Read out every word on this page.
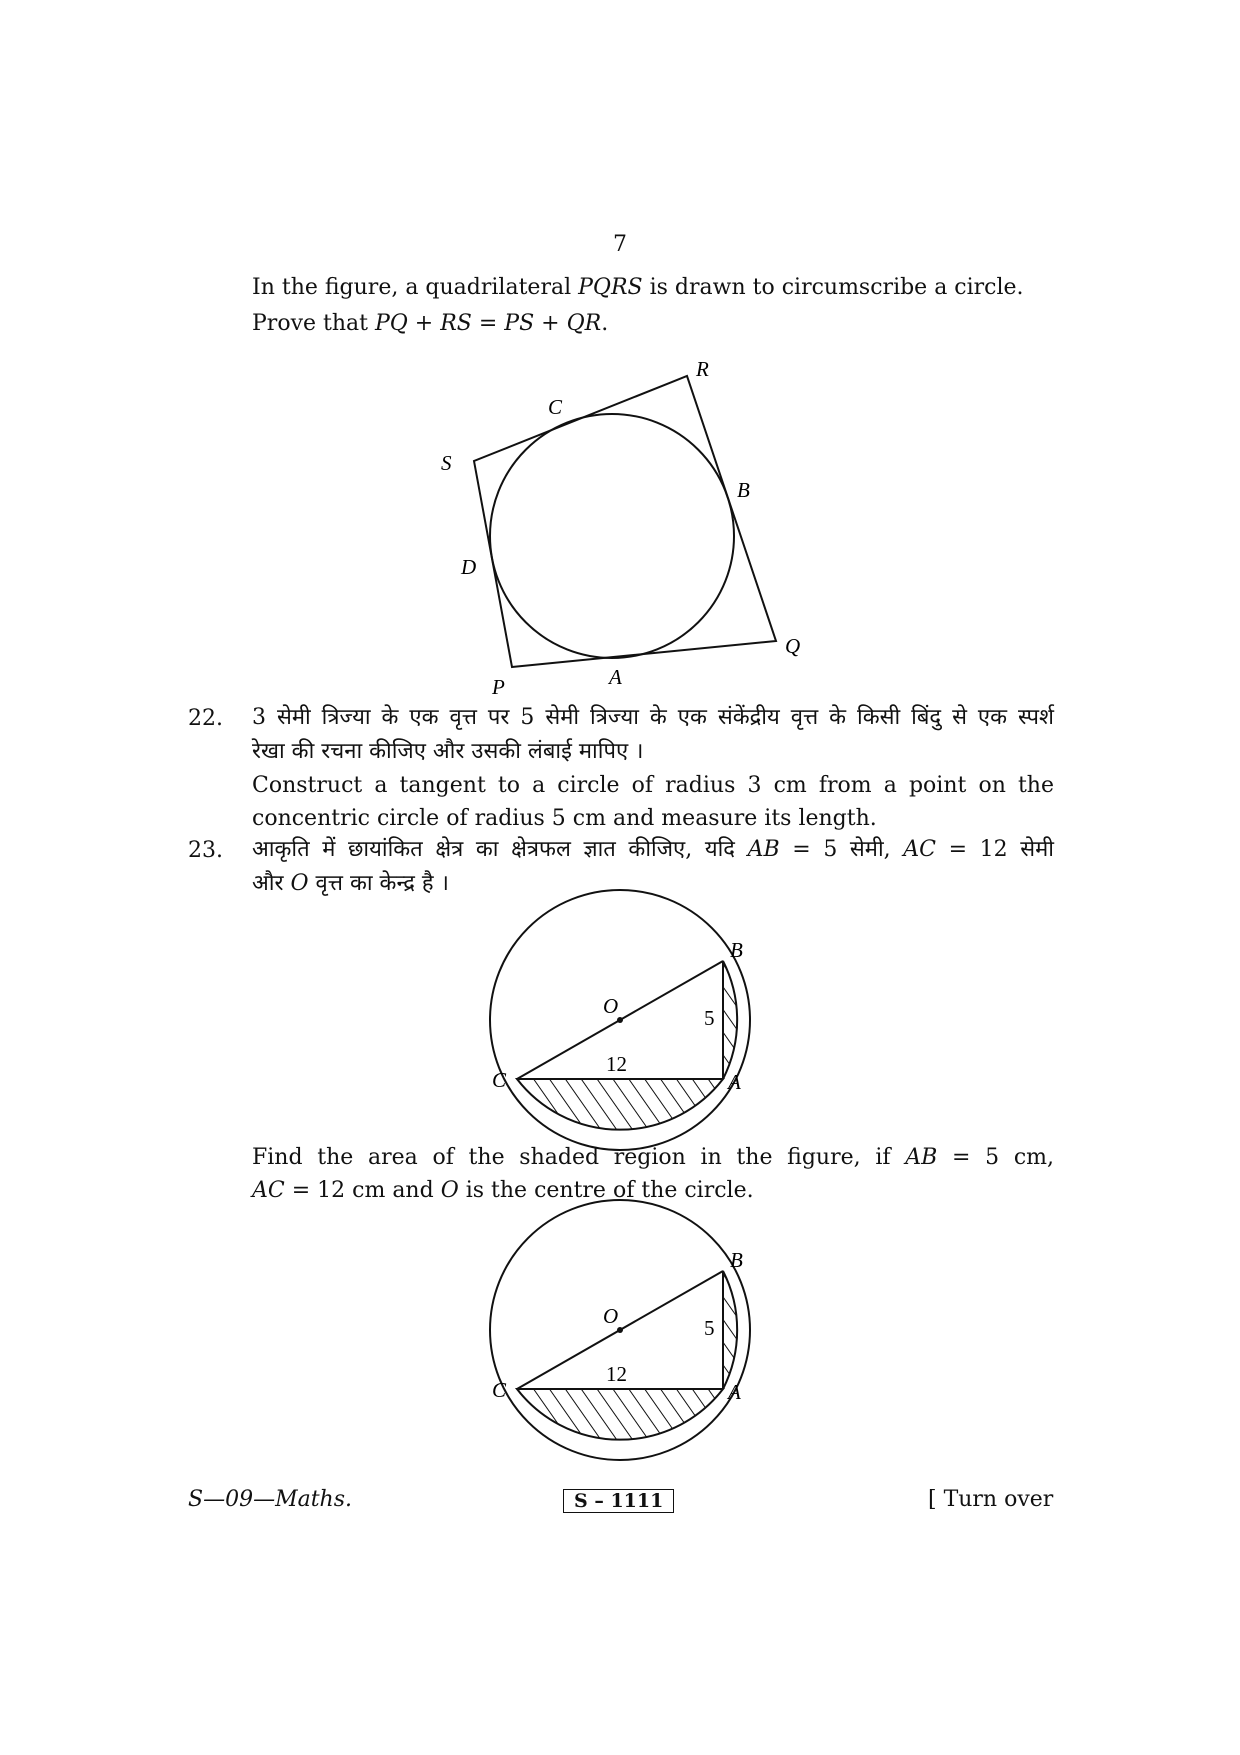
7
In the figure, a quadrilateral PQRS is drawn to circumscribe a circle.
Prove that PQ + RS = PS + QR.
P
Q
R
S
A
B
C
D
22. 3 सेमी त्रिज्या के एक वृत्त पर 5 सेमी त्रिज्या के एक संकेंद्रीय वृत्त के किसी बिंदु से एक स्पर्श
रेखा की रचना कीजिए और उसकी लंबाई मापिए ।
Construct a tangent to a circle of radius 3 cm from a point on the
concentric circle of radius 5 cm and measure its length.
23. आकृति में छायांकित क्षेत्र का क्षेत्रफल ज्ञात कीजिए, यदि AB = 5 सेमी, AC = 12 सेमी
और O वृत्त का केन्द्र है ।
B
O
C	A
5
12
Find the area of the shaded region in the figure, if AB = 5 cm,
AC = 12 cm and O is the centre of the circle.
B
O
C	A
5
12
S—09—Maths.	S – 1111	[ Turn over
